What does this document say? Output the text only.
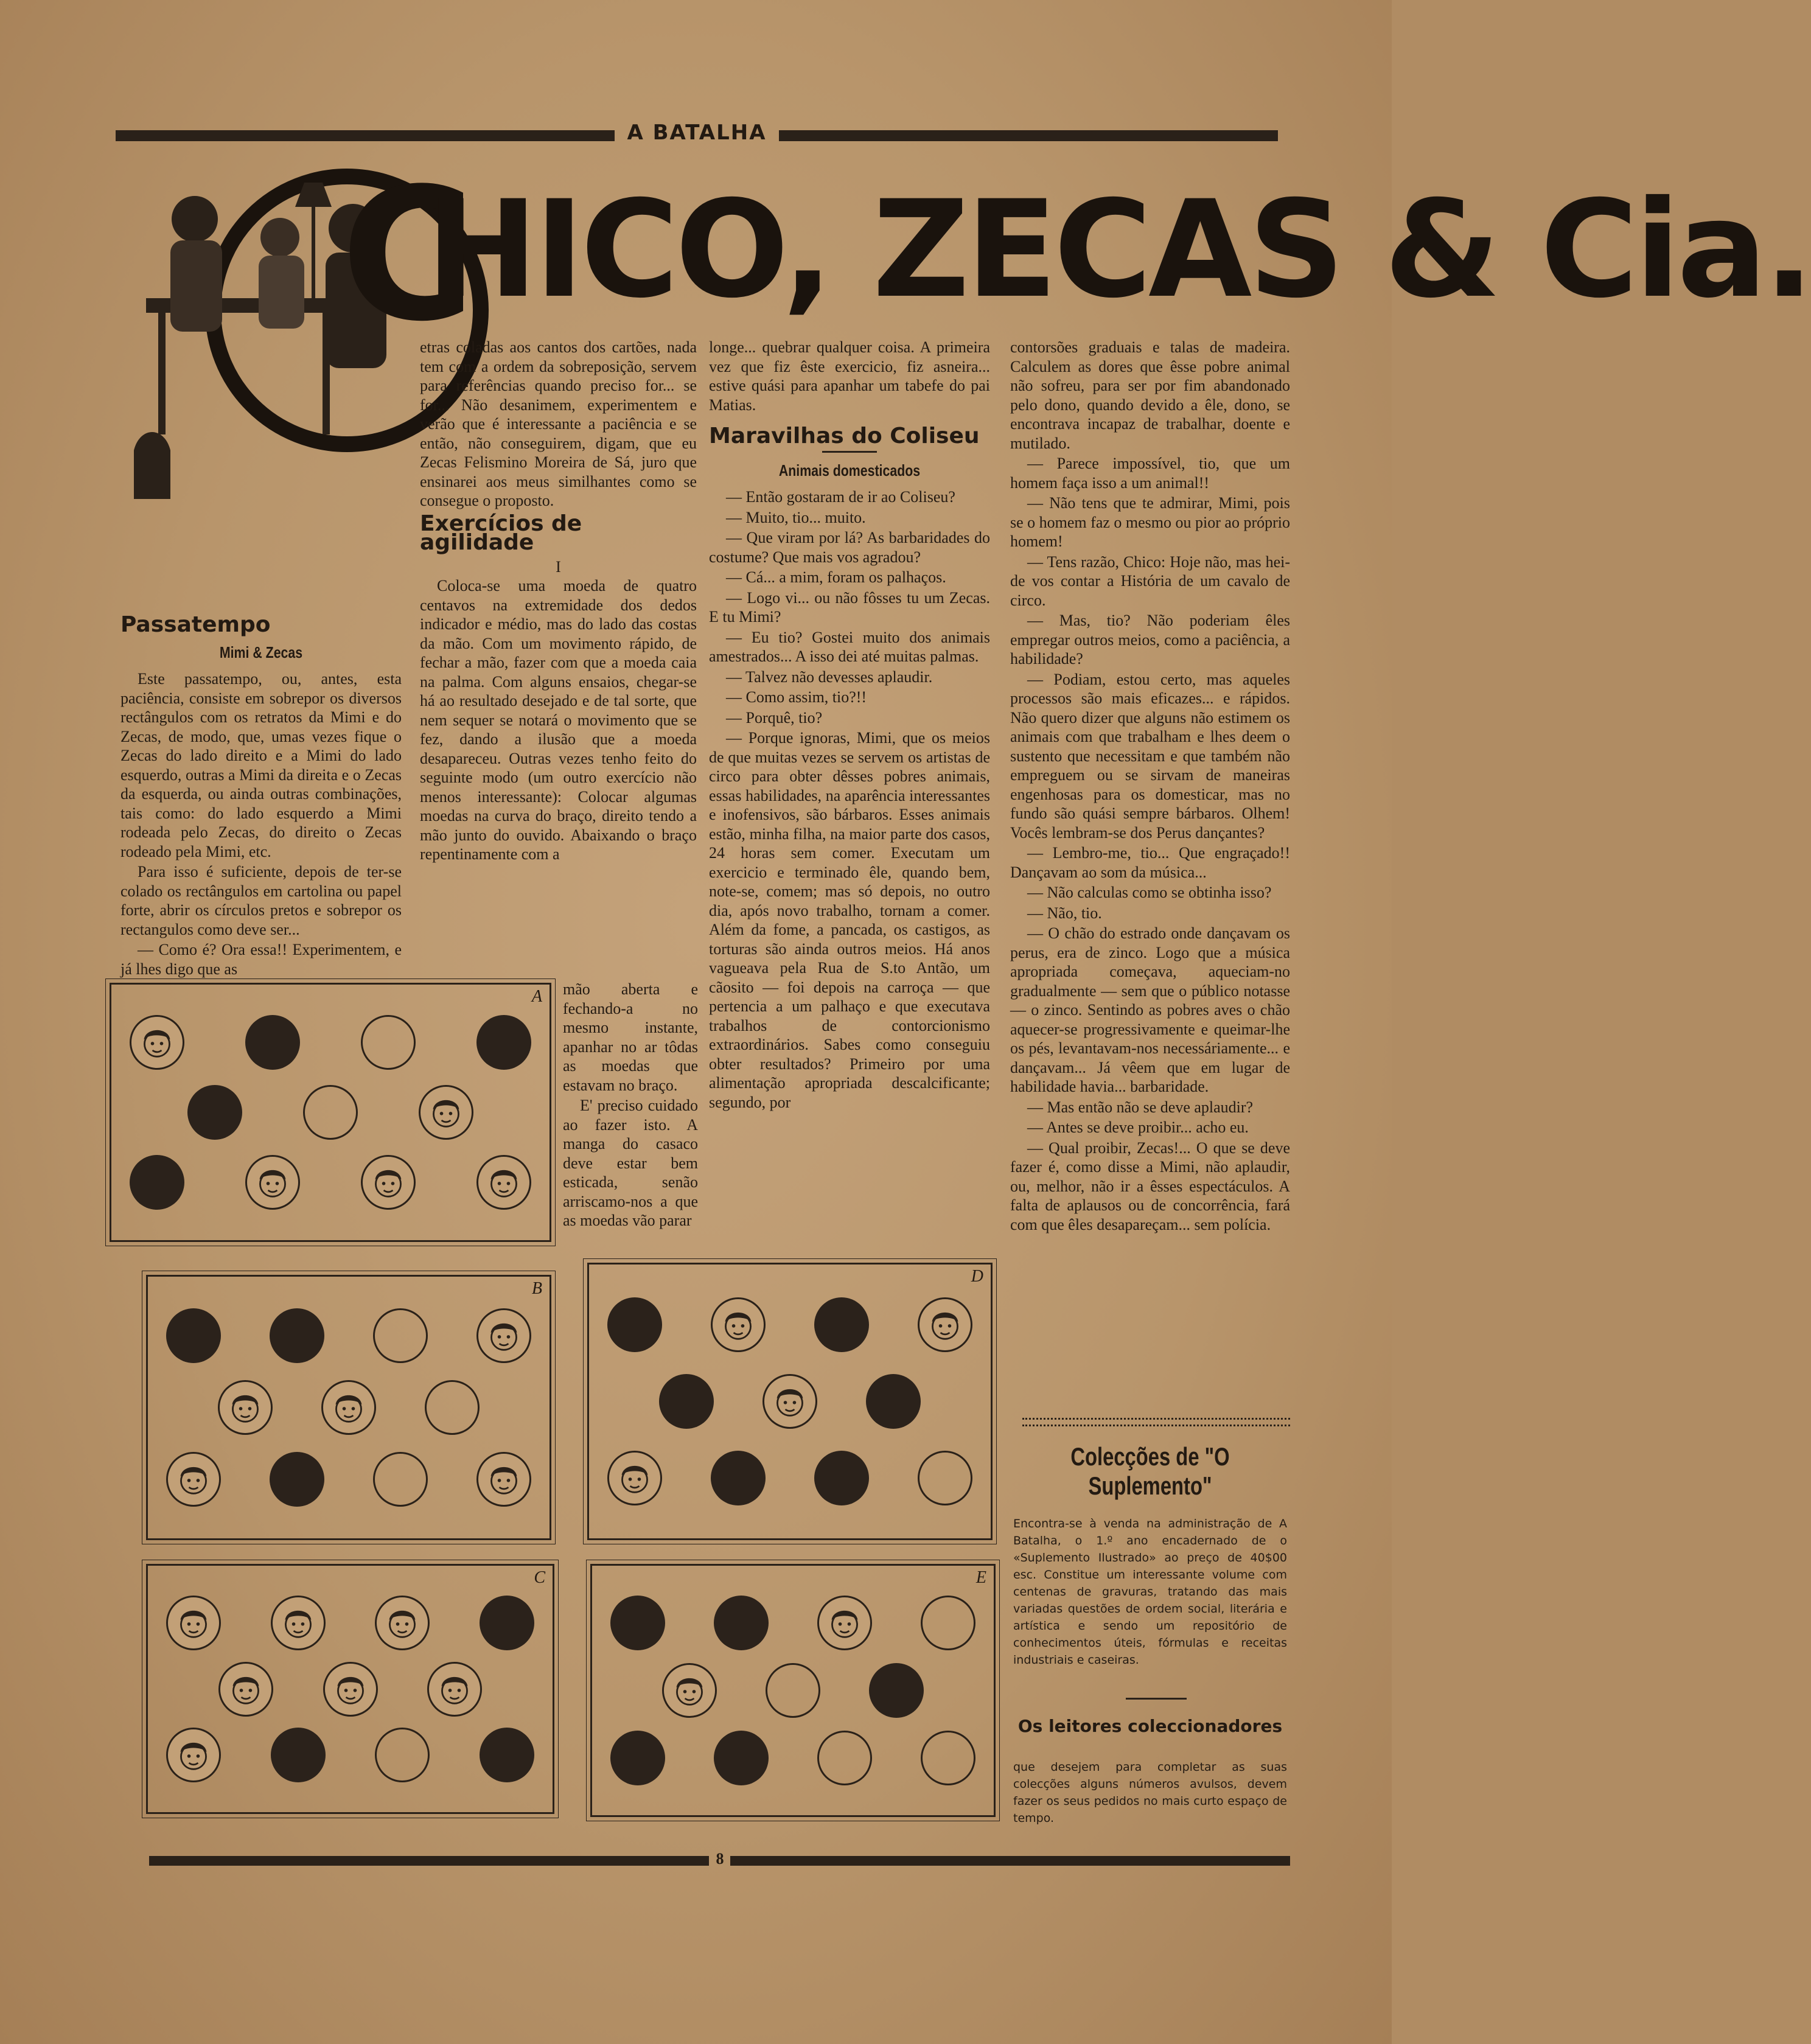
A BATALHA
C
HICO, ZECAS & Cia.
Passatempo
Mimi & Zecas

Este passatempo, ou, antes, esta paciência, consiste em sobrepor os diversos rectângulos com os retratos da Mimi e do Zecas, de modo, que, umas vezes fique o Zecas do lado direito e a Mimi do lado esquerdo, outras a Mimi da direita e o Zecas da esquerda, ou ainda outras combinações, tais como: do lado esquerdo a Mimi rodeada pelo Zecas, do direito o Zecas rodeado pela Mimi, etc.

Para isso é suficiente, depois de ter-se colado os rectângulos em cartolina ou papel forte, abrir os círculos pretos e sobrepor os rectangulos como deve ser...

— Como é? Ora essa!! Experimentem, e já lhes digo que as

etras coladas aos cantos dos cartões, nada tem com a ordem da sobreposição, servem para referências quando preciso for... se for... Não desanimem, experimentem e verão que é interessante a paciência e se então, não conseguirem, digam, que eu Zecas Felismino Moreira de Sá, juro que ensinarei aos meus similhantes como se consegue o proposto.

Exercícios de agilidade
I

Coloca-se uma moeda de quatro centavos na extremidade dos dedos indicador e médio, mas do lado das costas da mão. Com um movimento rápido, de fechar a mão, fazer com que a moeda caia na palma. Com alguns ensaios, chegar-se há ao resultado desejado e de tal sorte, que nem sequer se notará o movimento que se fez, dando a ilusão que a moeda desapareceu. Outras vezes tenho feito do seguinte modo (um outro exercício não menos interessante): Colocar algumas moedas na curva do braço, direito tendo a mão junto do ouvido. Abaixando o braço repentinamente com a

mão aberta e fechando-a no mesmo instante, apanhar no ar tôdas as moedas que estavam no braço.

E' preciso cuidado ao fazer isto. A manga do casaco deve estar bem esticada, senão arriscamo-nos a que as moedas vão parar

longe... quebrar qualquer coisa. A primeira vez que fiz êste exercicio, fiz asneira... estive quási para apanhar um tabefe do pai Matias.

Maravilhas do Coliseu
Animais domesticados

— Então gostaram de ir ao Coliseu?

— Muito, tio... muito.

— Que viram por lá? As barbaridades do costume? Que mais vos agradou?

— Cá... a mim, foram os palhaços.

— Logo vi... ou não fôsses tu um Zecas. E tu Mimi?

— Eu tio? Gostei muito dos animais amestrados... A isso dei até muitas palmas.

— Talvez não devesses aplaudir.

— Como assim, tio?!!

— Porquê, tio?

— Porque ignoras, Mimi, que os meios de que muitas vezes se servem os artistas de circo para obter dêsses pobres animais, essas habilidades, na aparência interessantes e inofensivos, são bárbaros. Esses animais estão, minha filha, na maior parte dos casos, 24 horas sem comer. Executam um exercicio e terminado êle, quando bem, note-se, comem; mas só depois, no outro dia, após novo trabalho, tornam a comer. Além da fome, a pancada, os castigos, as torturas são ainda outros meios. Há anos vagueava pela Rua de S.to Antão, um cãosito — foi depois na carroça — que pertencia a um palhaço e que executava trabalhos de contorcionismo extraordinários. Sabes como conseguiu obter resultados? Primeiro por uma alimentação apropriada descalcificante; segundo, por

contorsões graduais e talas de madeira. Calculem as dores que êsse pobre animal não sofreu, para ser por fim abandonado pelo dono, quando devido a êle, dono, se encontrava incapaz de trabalhar, doente e mutilado.

— Parece impossível, tio, que um homem faça isso a um animal!!

— Não tens que te admirar, Mimi, pois se o homem faz o mesmo ou pior ao próprio homem!

— Tens razão, Chico: Hoje não, mas hei-de vos contar a História de um cavalo de circo.

— Mas, tio? Não poderiam êles empregar outros meios, como a paciência, a habilidade?

— Podiam, estou certo, mas aqueles processos são mais eficazes... e rápidos. Não quero dizer que alguns não estimem os animais com que trabalham e lhes deem o sustento que necessitam e que também não empreguem ou se sirvam de maneiras engenhosas para os domesticar, mas no fundo são quási sempre bárbaros. Olhem! Vocês lembram-se dos Perus dançantes?

— Lembro-me, tio... Que engraçado!! Dançavam ao som da música...

— Não calculas como se obtinha isso?

— Não, tio.

— O chão do estrado onde dançavam os perus, era de zinco. Logo que a música apropriada começava, aqueciam-no gradualmente — sem que o público notasse — o zinco. Sentindo as pobres aves o chão aquecer-se progressivamente e queimar-lhe os pés, levantavam-nos necessáriamente... e dançavam... Já vêem que em lugar de habilidade havia... barbaridade.

— Mas então não se deve aplaudir?

— Antes se deve proibir... acho eu.

— Qual proibir, Zecas!... O que se deve fazer é, como disse a Mimi, não aplaudir, ou, melhor, não ir a êsses espectáculos. A falta de aplausos ou de concorrência, fará com que êles desapareçam... sem polícia.

A
B
C
D
E
Colecções de "O Suplemento"
Encontra-se à venda na administração de A Batalha, o 1.º ano encadernado de o «Suplemento Ilustrado» ao preço de 40$00 esc. Constitue um interessante volume com centenas de gravuras, tratando das mais variadas questões de ordem social, literária e artística e sendo um repositório de conhecimentos úteis, fórmulas e receitas industriais e caseiras.
Os leitores coleccionadores
que desejem para completar as suas colecções alguns números avulsos, devem fazer os seus pedidos no mais curto espaço de tempo.
8
